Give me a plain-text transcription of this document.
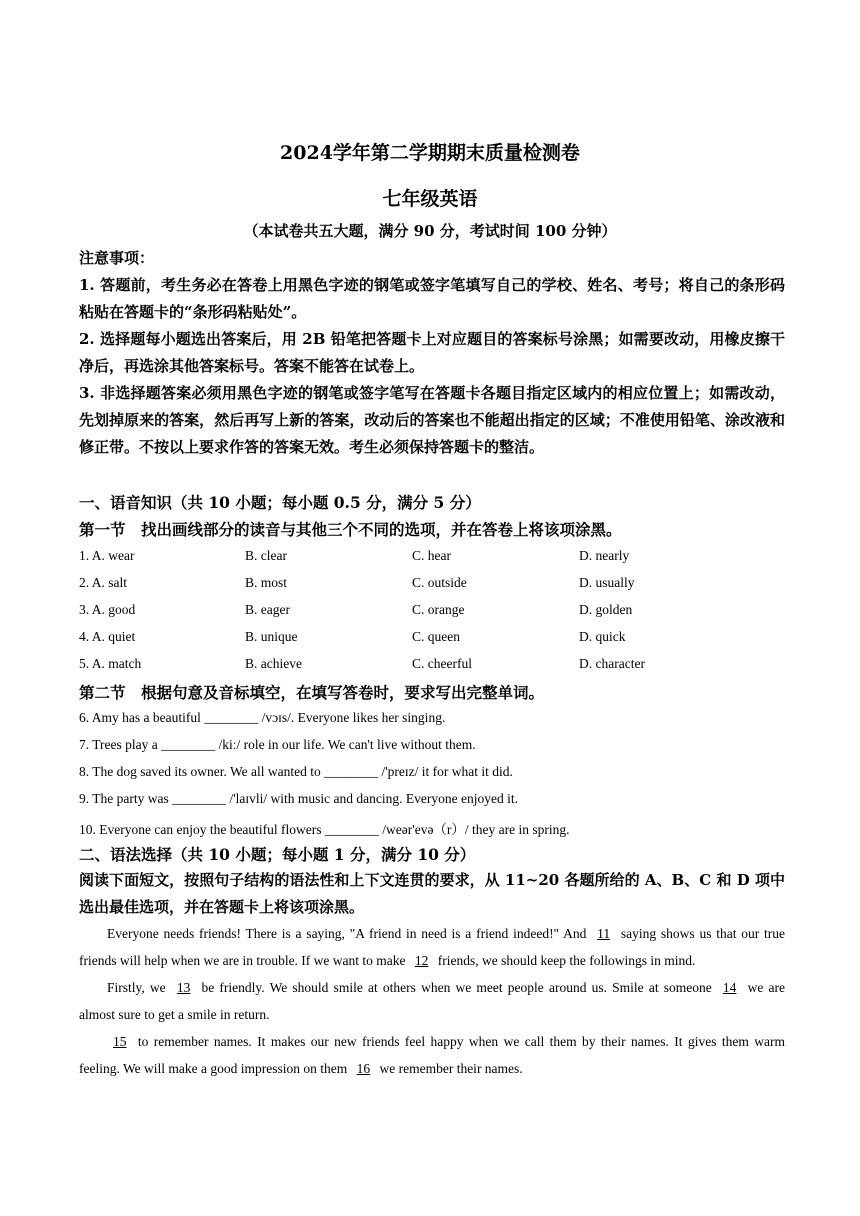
2024学年第二学期期末质量检测卷
七年级英语
（本试卷共五大题，满分 90 分，考试时间 100 分钟）

注意事项：

1. 答题前，考生务必在答卷上用黑色字迹的钢笔或签字笔填写自己的学校、姓名、考号；将自己的条形码粘贴在答题卡的“条形码粘贴处”。

2. 选择题每小题选出答案后，用 2B 铅笔把答题卡上对应题目的答案标号涂黑；如需要改动，用橡皮擦干净后，再选涂其他答案标号。答案不能答在试卷上。

3. 非选择题答案必须用黑色字迹的钢笔或签字笔写在答题卡各题目指定区域内的相应位置上；如需改动，先划掉原来的答案，然后再写上新的答案，改动后的答案也不能超出指定的区域；不准使用铅笔、涂改液和修正带。不按以上要求作答的答案无效。考生必须保持答题卡的整洁。

一、语音知识（共 10 小题；每小题 0.5 分，满分 5 分）
第一节　找出画线部分的读音与其他三个不同的选项，并在答卷上将该项涂黑。
1. A. wear	B. clear	C. hear	D. nearly
2. A. salt	B. most	C. outside	D. usually
3. A. good	B. eager	C. orange	D. golden
4. A. quiet	B. unique	C. queen	D. quick
5. A. match	B. achieve	C. cheerful	D. character
第二节　根据句意及音标填空，在填写答卷时，要求写出完整单词。
6. Amy has a beautiful ________ /vɔɪs/. Everyone likes her singing.
7. Trees play a ________ /kiː/ role in our life. We can't live without them.
8. The dog saved its owner. We all wanted to ________ /'preɪz/ it for what it did.
9. The party was ________ /'laɪvli/ with music and dancing. Everyone enjoyed it.
10. Everyone can enjoy the beautiful flowers ________ /weər'evə（r）/ they are in spring.
二、语法选择（共 10 小题；每小题 1 分，满分 10 分）

阅读下面短文，按照句子结构的语法性和上下文连贯的要求，从 11~20 各题所给的 A、B、C 和 D 项中选出最佳选项，并在答题卡上将该项涂黑。

Everyone needs friends! There is a saying, "A friend in need is a friend indeed!" And 11 saying shows us that our true friends will help when we are in trouble. If we want to make 12 friends, we should keep the followings in mind.

Firstly, we 13 be friendly. We should smile at others when we meet people around us. Smile at someone 14 we are almost sure to get a smile in return.

15 to remember names. It makes our new friends feel happy when we call them by their names. It gives them warm feeling. We will make a good impression on them 16 we remember their names.
